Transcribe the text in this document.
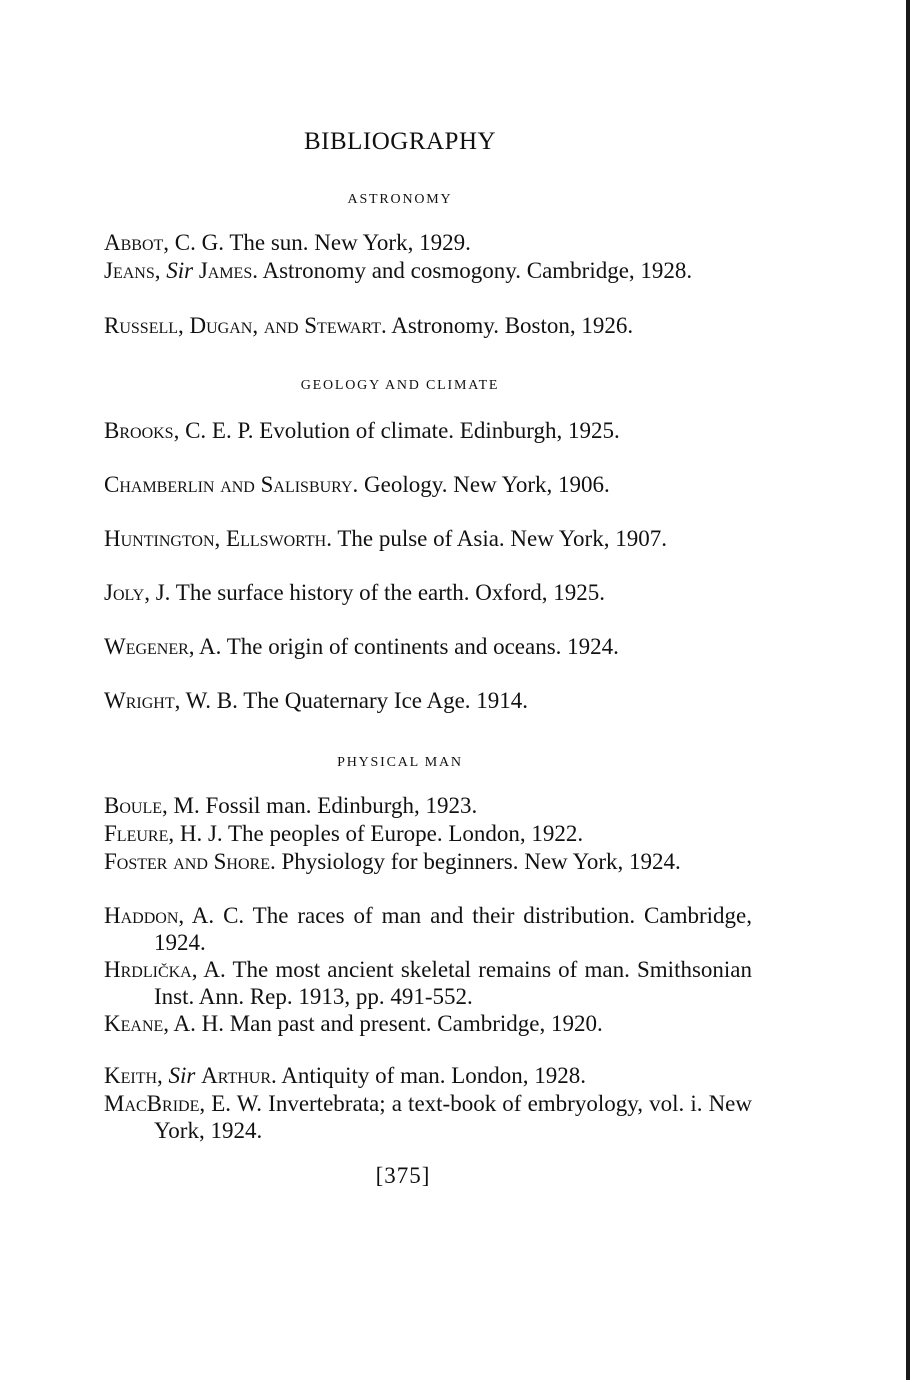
BIBLIOGRAPHY
ASTRONOMY
Abbot, C. G. The sun. New York, 1929.
Jeans, Sir James. Astronomy and cosmogony. Cambridge, 1928.
Russell, Dugan, and Stewart. Astronomy. Boston, 1926.
GEOLOGY AND CLIMATE
Brooks, C. E. P. Evolution of climate. Edinburgh, 1925.
Chamberlin and Salisbury. Geology. New York, 1906.
Huntington, Ellsworth. The pulse of Asia. New York, 1907.
Joly, J. The surface history of the earth. Oxford, 1925.
Wegener, A. The origin of continents and oceans. 1924.
Wright, W. B. The Quaternary Ice Age. 1914.
PHYSICAL MAN
Boule, M. Fossil man. Edinburgh, 1923.
Fleure, H. J. The peoples of Europe. London, 1922.
Foster and Shore. Physiology for beginners. New York, 1924.
Haddon, A. C. The races of man and their distribution. Cambridge, 1924.
Hrdlička, A. The most ancient skeletal remains of man. Smithsonian Inst. Ann. Rep. 1913, pp. 491-552.
Keane, A. H. Man past and present. Cambridge, 1920.
Keith, Sir Arthur. Antiquity of man. London, 1928.
MacBride, E. W. Invertebrata; a text-book of embryology, vol. i. New York, 1924.
[375]
